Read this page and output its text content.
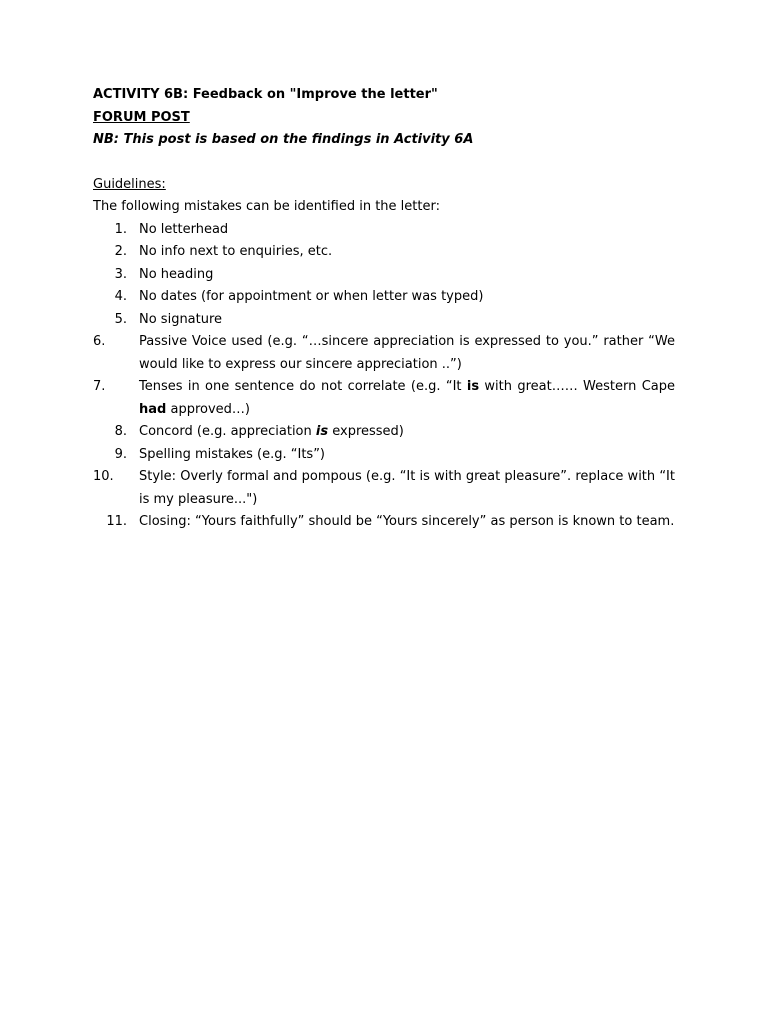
ACTIVITY 6B: Feedback on "Improve the letter"
FORUM POST
NB: This post is based on the findings in Activity 6A
Guidelines:
The following mistakes can be identified in the letter:
1. No letterhead
2. No info next to enquiries, etc.
3. No heading
4. No dates (for appointment or when letter was typed)
5. No signature
6.	Passive Voice used (e.g. “…sincere appreciation is expressed to you.” rather “We would like to express our sincere appreciation ..”)
7.	Tenses in one sentence do not correlate (e.g. “It is with great…… Western Cape had approved…)
8. Concord (e.g. appreciation is expressed)
9. Spelling mistakes (e.g. “Its”)
10.	Style: Overly formal and pompous (e.g. “It is with great pleasure”. replace with “It is my pleasure...")
11. Closing: “Yours faithfully” should be “Yours sincerely” as person is known to team.
